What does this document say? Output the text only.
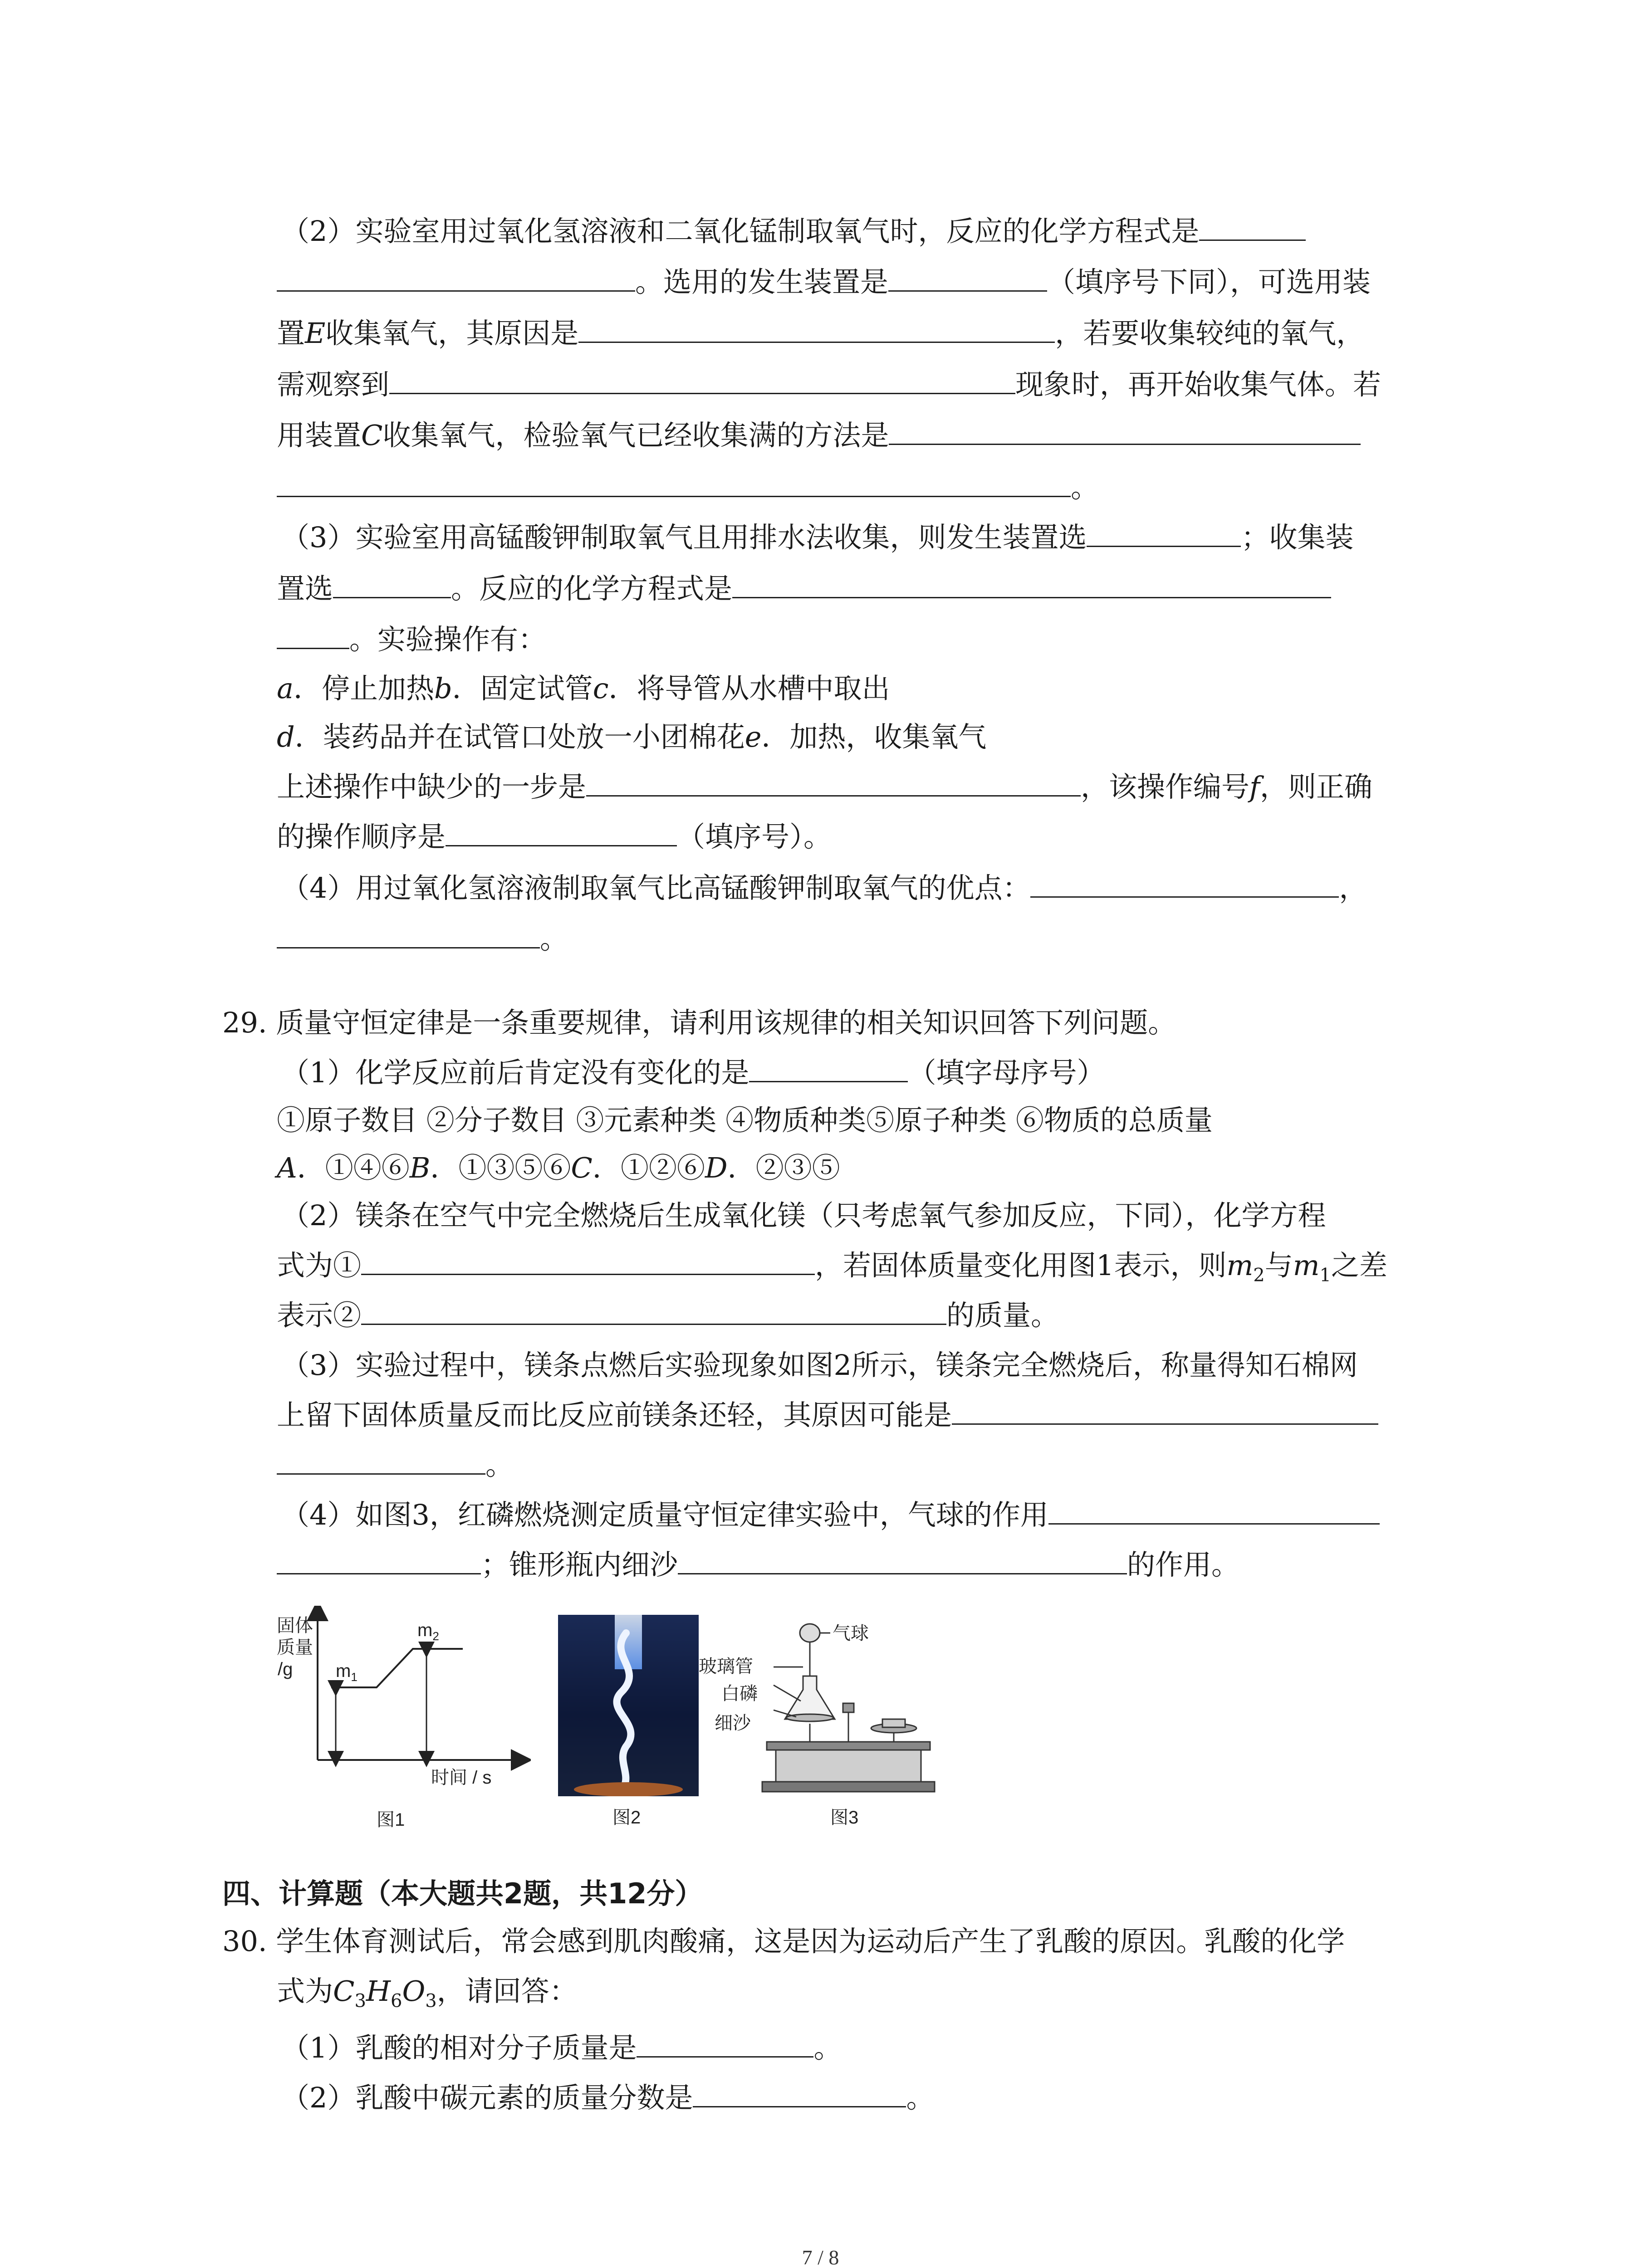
（2）实验室用过氧化氢溶液和二氧化锰制取氧气时，反应的化学方程式是
。选用的发生装置是	（填序号下同），可选用装
置E收集氧气，其原因是	，若要收集较纯的氧气，
需观察到	现象时，再开始收集气体。若
用装置C收集氧气，检验氧气已经收集满的方法是
。
（3）实验室用高锰酸钾制取氧气且用排水法收集，则发生装置选	；收集装
置选	。反应的化学方程式是
。实验操作有：
a．停止加热b．固定试管c．将导管从水槽中取出
d．装药品并在试管口处放一小团棉花e．加热，收集氧气
上述操作中缺少的一步是	，该操作编号f，则正确
的操作顺序是	（填序号）。
（4）用过氧化氢溶液制取氧气比高锰酸钾制取氧气的优点：	，
。
29. 质量守恒定律是一条重要规律，请利用该规律的相关知识回答下列问题。
（1）化学反应前后肯定没有变化的是	（填字母序号）
①原子数目 ②分子数目 ③元素种类 ④物质种类⑤原子种类 ⑥物质的总质量
A．①④⑥B．①③⑤⑥C．①②⑥D．②③⑤
（2）镁条在空气中完全燃烧后生成氧化镁（只考虑氧气参加反应，下同），化学方程
式为①	，若固体质量变化用图1表示，则$m_2$与$m_1$之差
表示②	的质量。
（3）实验过程中，镁条点燃后实验现象如图2所示，镁条完全燃烧后，称量得知石棉网
上留下固体质量反而比反应前镁条还轻，其原因可能是
。
（4）如图3，红磷燃烧测定质量守恒定律实验中，气球的作用
；锥形瓶内细沙	的作用。
固体
质量
/g $m_1$
$m_2$
时间 / s
图1	图2
气球
玻璃管
白磷
细沙
图3
四、计算题（本大题共2题，共12分）
30. 学生体育测试后，常会感到肌肉酸痛，这是因为运动后产生了乳酸的原因。乳酸的化学
式为$C_3H_6O_3$，请回答：
（1）乳酸的相对分子质量是	。
（2）乳酸中碳元素的质量分数是	。
7 / 8
